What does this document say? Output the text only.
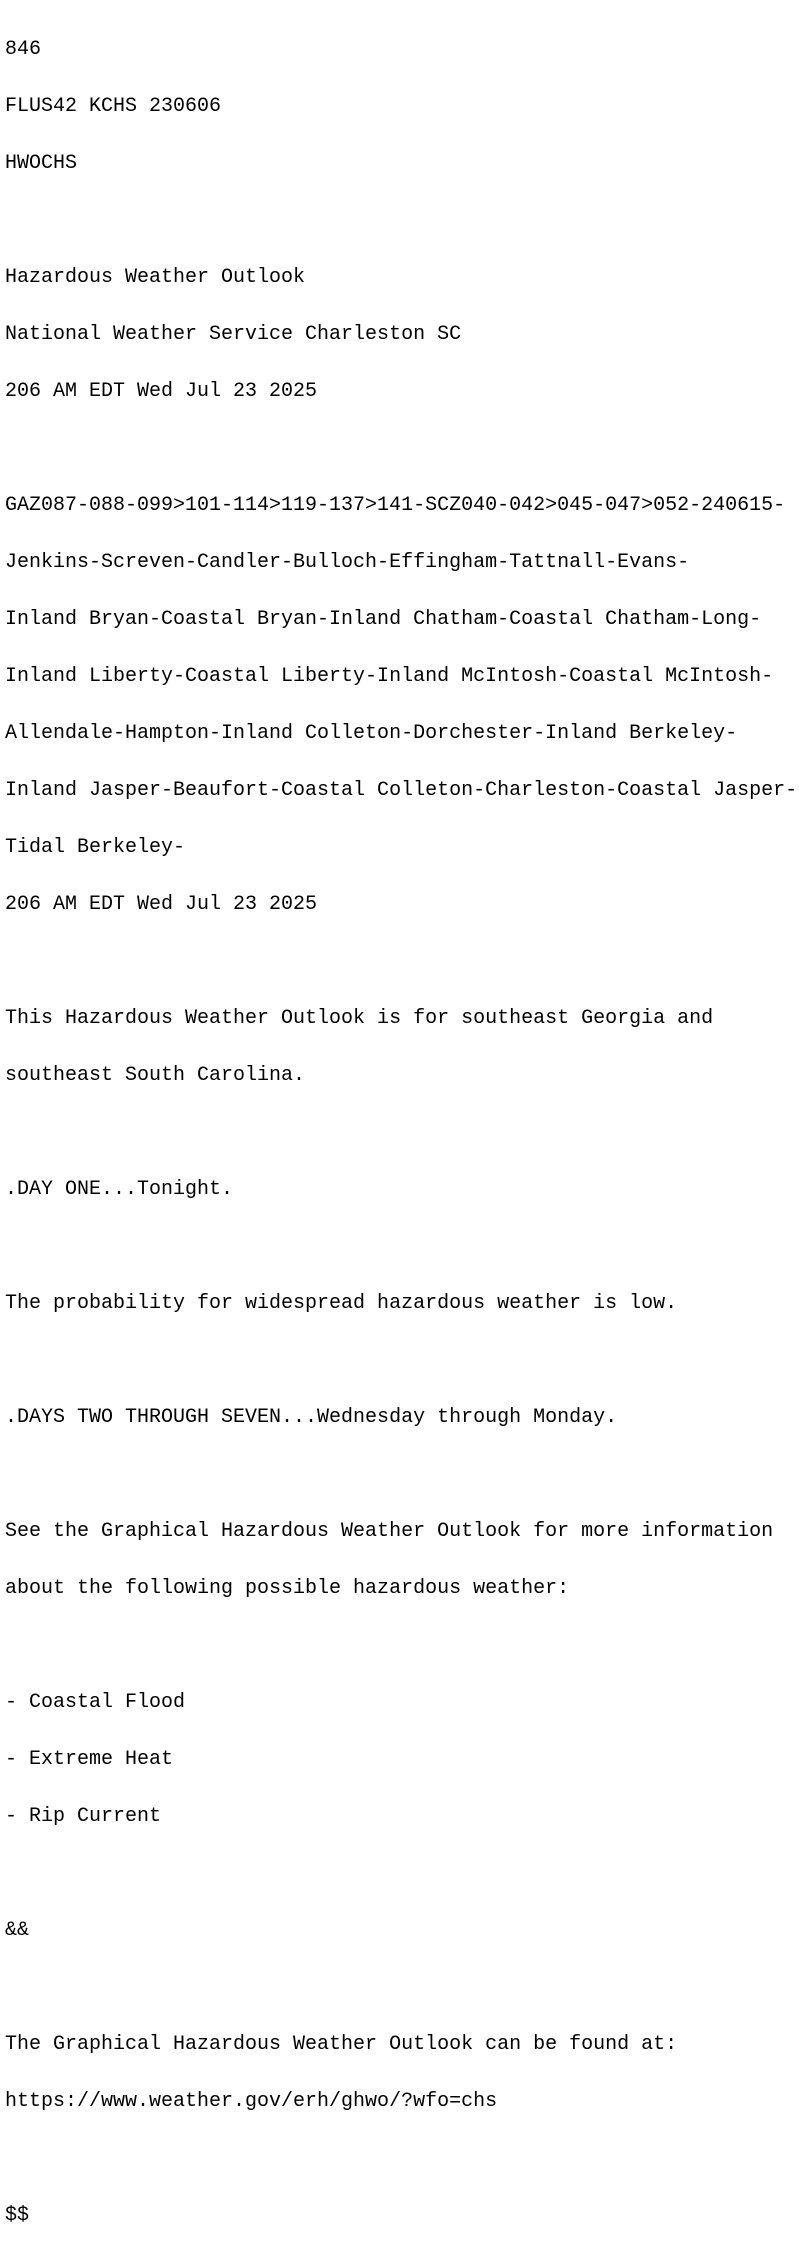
846

FLUS42 KCHS 230606

HWOCHS

Hazardous Weather Outlook

National Weather Service Charleston SC

206 AM EDT Wed Jul 23 2025

GAZ087-088-099>101-114>119-137>141-SCZ040-042>045-047>052-240615-

Jenkins-Screven-Candler-Bulloch-Effingham-Tattnall-Evans-

Inland Bryan-Coastal Bryan-Inland Chatham-Coastal Chatham-Long-

Inland Liberty-Coastal Liberty-Inland McIntosh-Coastal McIntosh-

Allendale-Hampton-Inland Colleton-Dorchester-Inland Berkeley-

Inland Jasper-Beaufort-Coastal Colleton-Charleston-Coastal Jasper-

Tidal Berkeley-

206 AM EDT Wed Jul 23 2025

This Hazardous Weather Outlook is for southeast Georgia and

southeast South Carolina.

.DAY ONE...Tonight.

The probability for widespread hazardous weather is low.

.DAYS TWO THROUGH SEVEN...Wednesday through Monday.

See the Graphical Hazardous Weather Outlook for more information

about the following possible hazardous weather:

- Coastal Flood

- Extreme Heat

- Rip Current

&&

The Graphical Hazardous Weather Outlook can be found at:

https://www.weather.gov/erh/ghwo/?wfo=chs

$$
